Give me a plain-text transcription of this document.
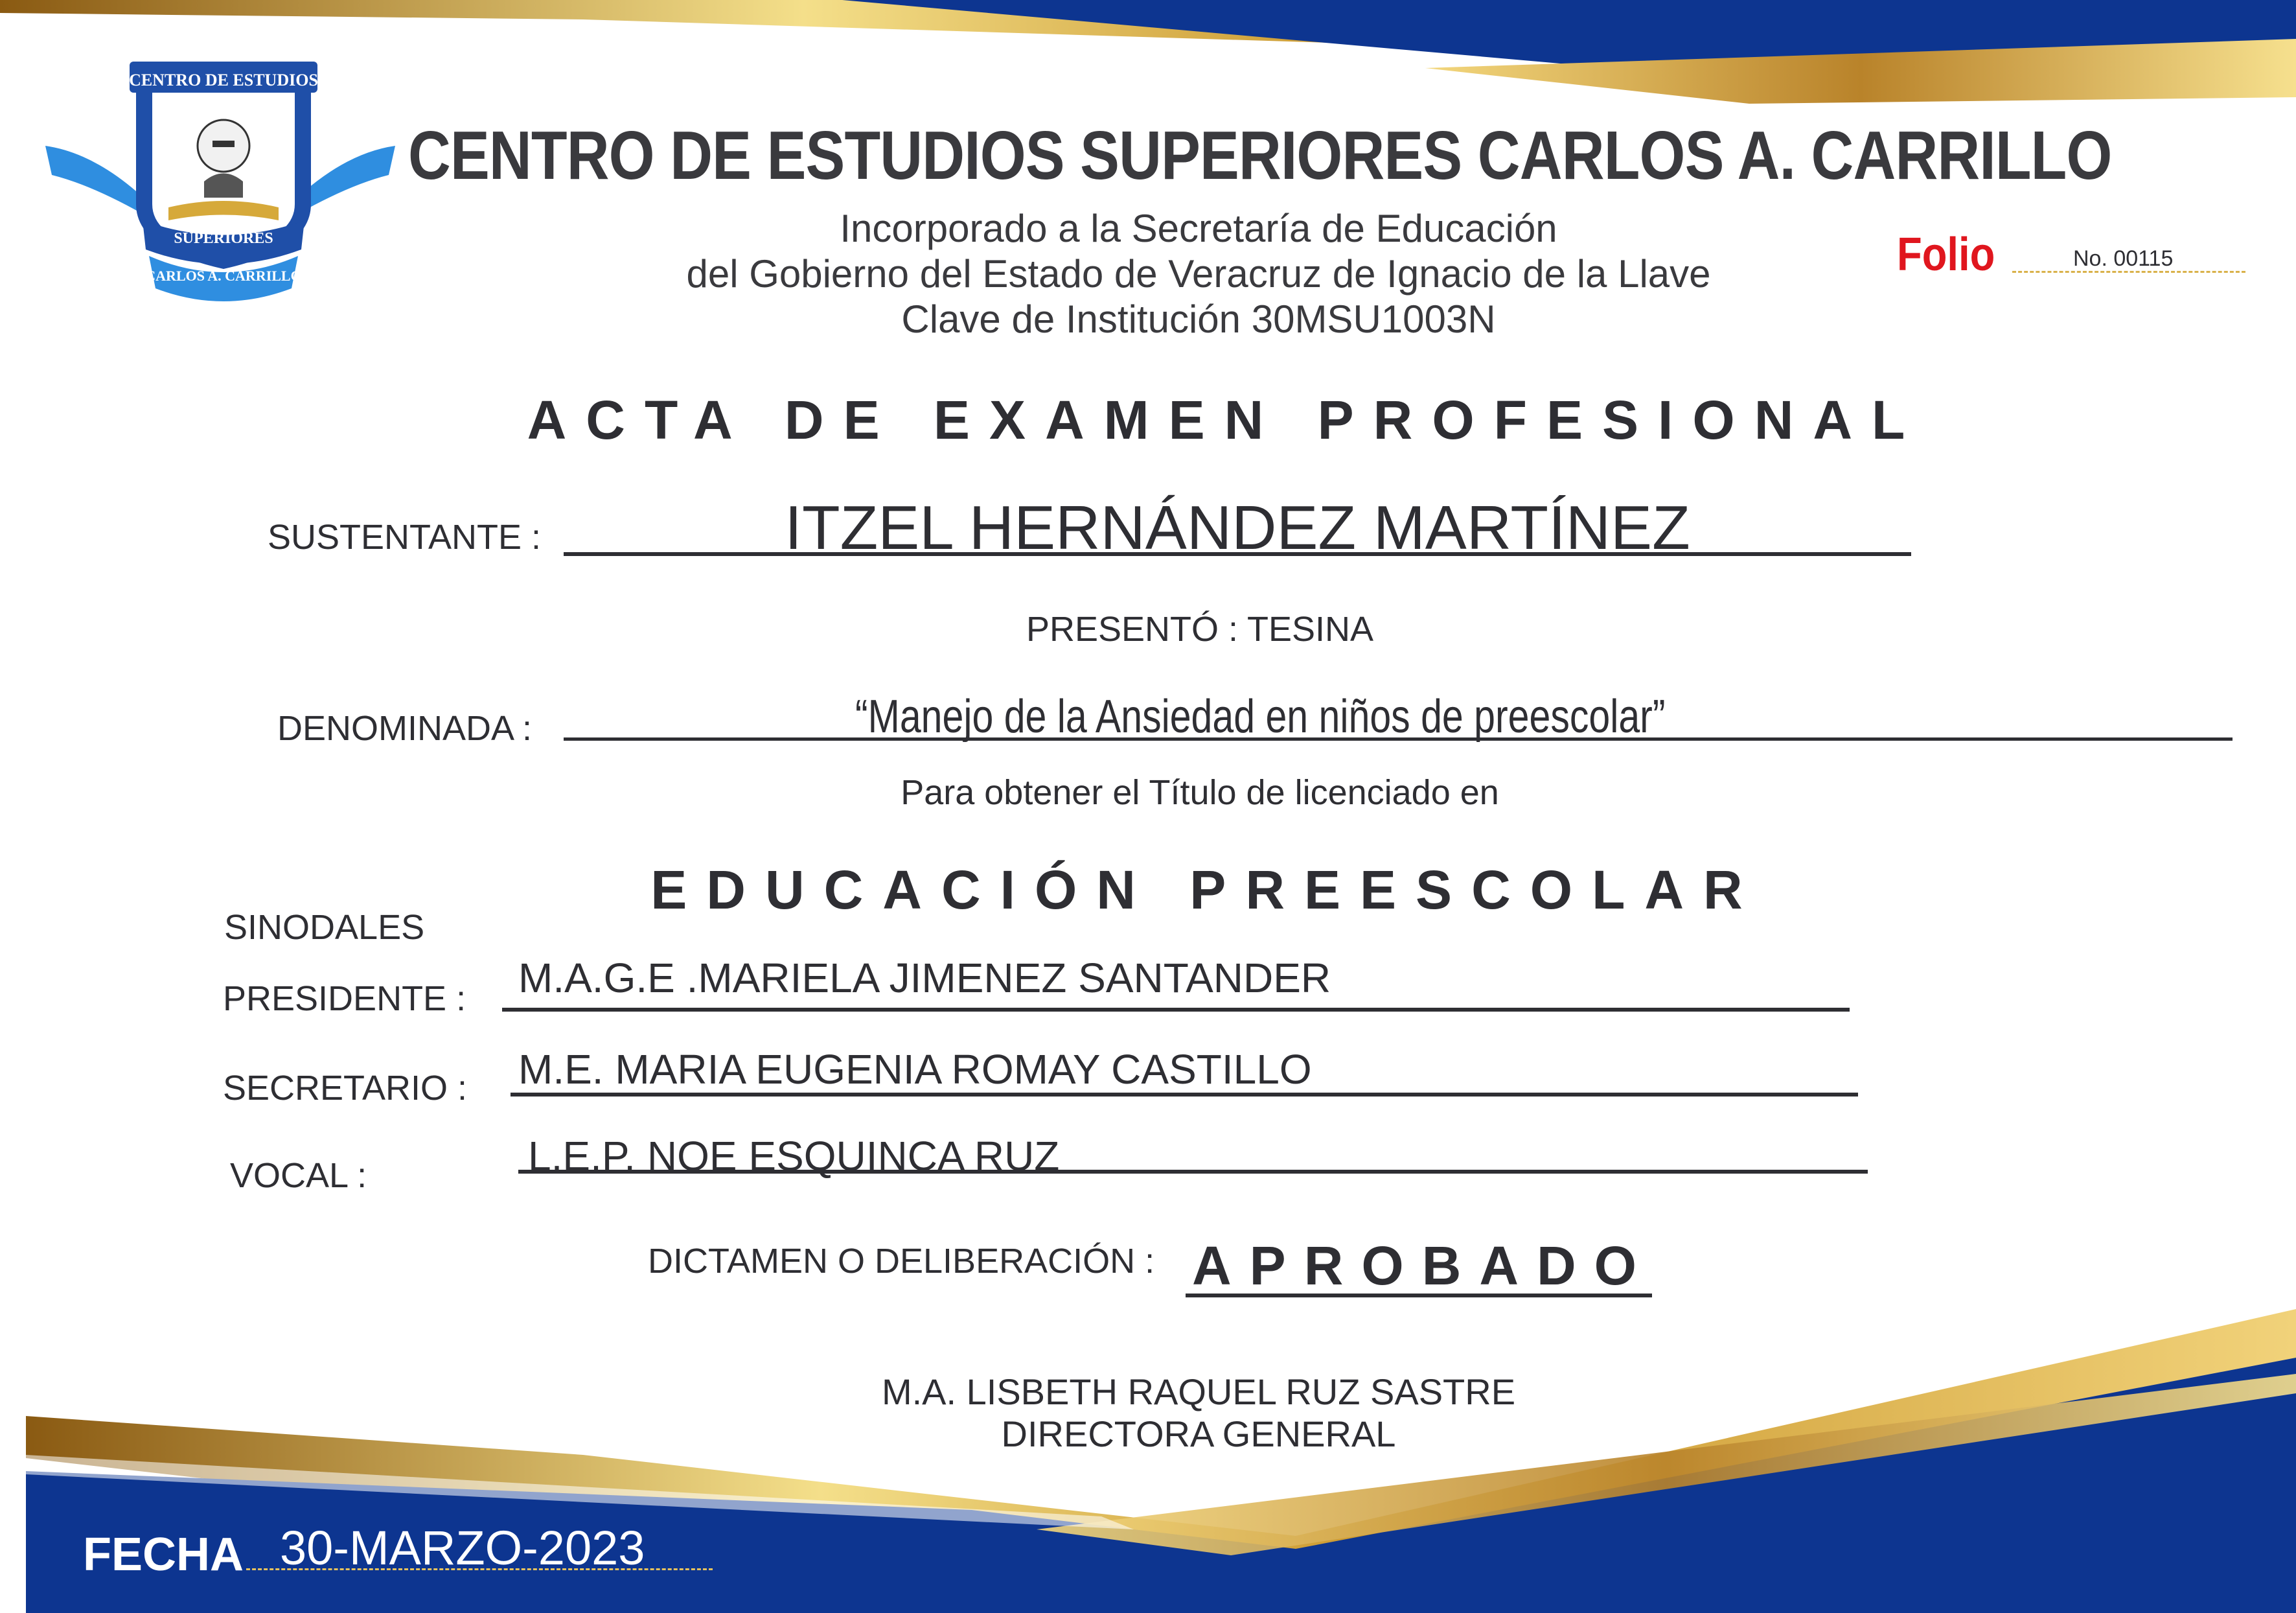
CENTRO DE ESTUDIOS
SUPERIORES
CARLOS A. CARRILLO
CENTRO DE ESTUDIOS SUPERIORES CARLOS A. CARRILLO
Incorporado a la Secretaría de Educación
del Gobierno del Estado de Veracruz de Ignacio de la Llave
Clave de Institución 30MSU1003N
Folio	No. 00115
ACTA DE EXAMEN PROFESIONAL
SUSTENTANTE :	ITZEL HERNÁNDEZ MARTÍNEZ
PRESENTÓ : TESINA
DENOMINADA :	“Manejo de la Ansiedad en niños de preescolar”
Para obtener el Título de licenciado en
EDUCACIÓN PREESCOLAR
SINODALES
PRESIDENTE : M.A.G.E .MARIELA JIMENEZ SANTANDER
SECRETARIO : M.E. MARIA EUGENIA ROMAY CASTILLO
VOCAL :	L.E.P. NOE ESQUINCA RUZ
DICTAMEN O DELIBERACIÓN : APROBADO
M.A. LISBETH RAQUEL RUZ SASTRE
DIRECTORA GENERAL
FECHA 30-MARZO-2023
